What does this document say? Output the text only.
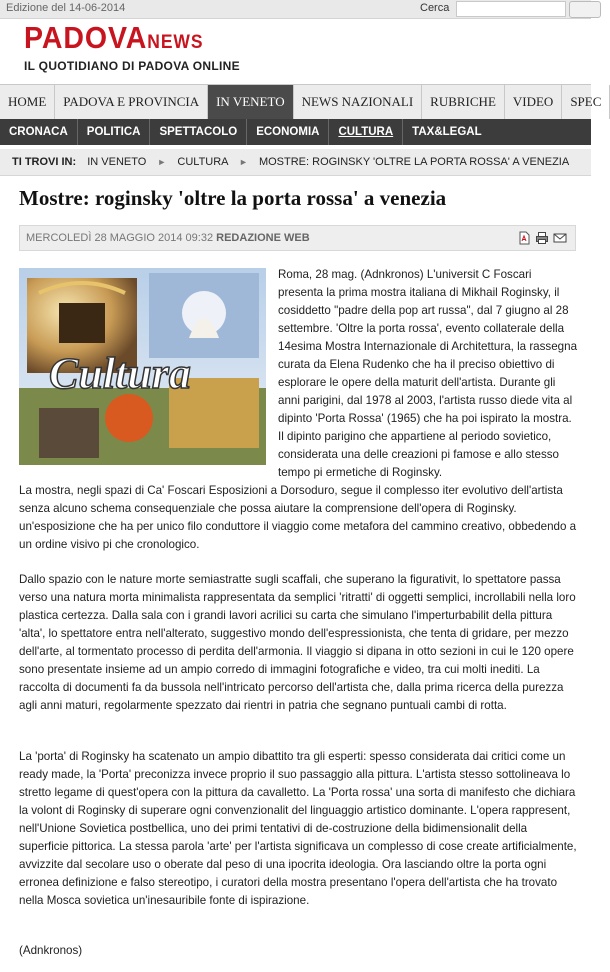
Edizione del 14-06-2014	Cerca
PADOVANEWS
IL QUOTIDIANO DI PADOVA ONLINE
HOME	PADOVA E PROVINCIA	IN VENETO	NEWS NAZIONALI	RUBRICHE	VIDEO	SPEC
CRONACA	POLITICA	SPETTACOLO	ECONOMIA	CULTURA	TAX&LEGAL
TI TROVI IN: IN VENETO ► CULTURA ► MOSTRE: ROGINSKY 'OLTRE LA PORTA ROSSA' A VENEZIA
Mostre: roginsky 'oltre la porta rossa' a venezia
MERCOLEDÌ 28 MAGGIO 2014 09:32 REDAZIONE WEB
Cultura

Roma, 28 mag. (Adnkronos) L'universit C Foscari presenta la prima mostra italiana di Mikhail Roginsky, il cosiddetto "padre della pop art russa", dal 7 giugno al 28 settembre. 'Oltre la porta rossa', evento collaterale della 14esima Mostra Internazionale di Architettura, la rassegna curata da Elena Rudenko che ha il preciso obiettivo di esplorare le opere della maturit dell'artista. Durante gli anni parigini, dal 1978 al 2003, l'artista russo diede vita al dipinto 'Porta Rossa' (1965) che ha poi ispirato la mostra. Il dipinto parigino che appartiene al periodo sovietico, considerata una delle creazioni pi famose e allo stesso tempo pi ermetiche di Roginsky.

La mostra, negli spazi di Ca' Foscari Esposizioni a Dorsoduro, segue il complesso iter evolutivo dell'artista senza alcuno schema consequenziale che possa aiutare la comprensione dell'opera di Roginsky. un'esposizione che ha per unico filo conduttore il viaggio come metafora del cammino creativo, obbedendo a un ordine visivo pi che cronologico.

Dallo spazio con le nature morte semiastratte sugli scaffali, che superano la figurativit, lo spettatore passa verso una natura morta minimalista rappresentata da semplici 'ritratti' di oggetti semplici, incrollabili nella loro plastica certezza. Dalla sala con i grandi lavori acrilici su carta che simulano l'imperturbabilit della pittura 'alta', lo spettatore entra nell'alterato, suggestivo mondo dell'espressionista, che tenta di gridare, per mezzo dell'arte, al tormentato processo di perdita dell'armonia. Il viaggio si dipana in otto sezioni in cui le 120 opere sono presentate insieme ad un ampio corredo di immagini fotografiche e video, tra cui molti inediti. La raccolta di documenti fa da bussola nell'intricato percorso dell'artista che, dalla prima ricerca della purezza agli anni maturi, regolarmente spezzato dai rientri in patria che segnano puntuali cambi di rotta.

La 'porta' di Roginsky ha scatenato un ampio dibattito tra gli esperti: spesso considerata dai critici come un ready made, la 'Porta' preconizza invece proprio il suo passaggio alla pittura. L'artista stesso sottolineava lo stretto legame di quest'opera con la pittura da cavalletto. La 'Porta rossa' una sorta di manifesto che dichiara la volont di Roginsky di superare ogni convenzionalit del linguaggio artistico dominante. L'opera rappresent, nell'Unione Sovietica postbellica, uno dei primi tentativi di de-costruzione della bidimensionalit della superficie pittorica. La stessa parola 'arte' per l'artista significava un complesso di cose create artificialmente, avvizzite dal secolare uso o oberate dal peso di una ipocrita ideologia. Ora lasciando oltre la porta ogni erronea definizione e falso stereotipo, i curatori della mostra presentano l'opera dell'artista che ha trovato nella Mosca sovietica un'inesauribile fonte di ispirazione.

(Adnkronos)
